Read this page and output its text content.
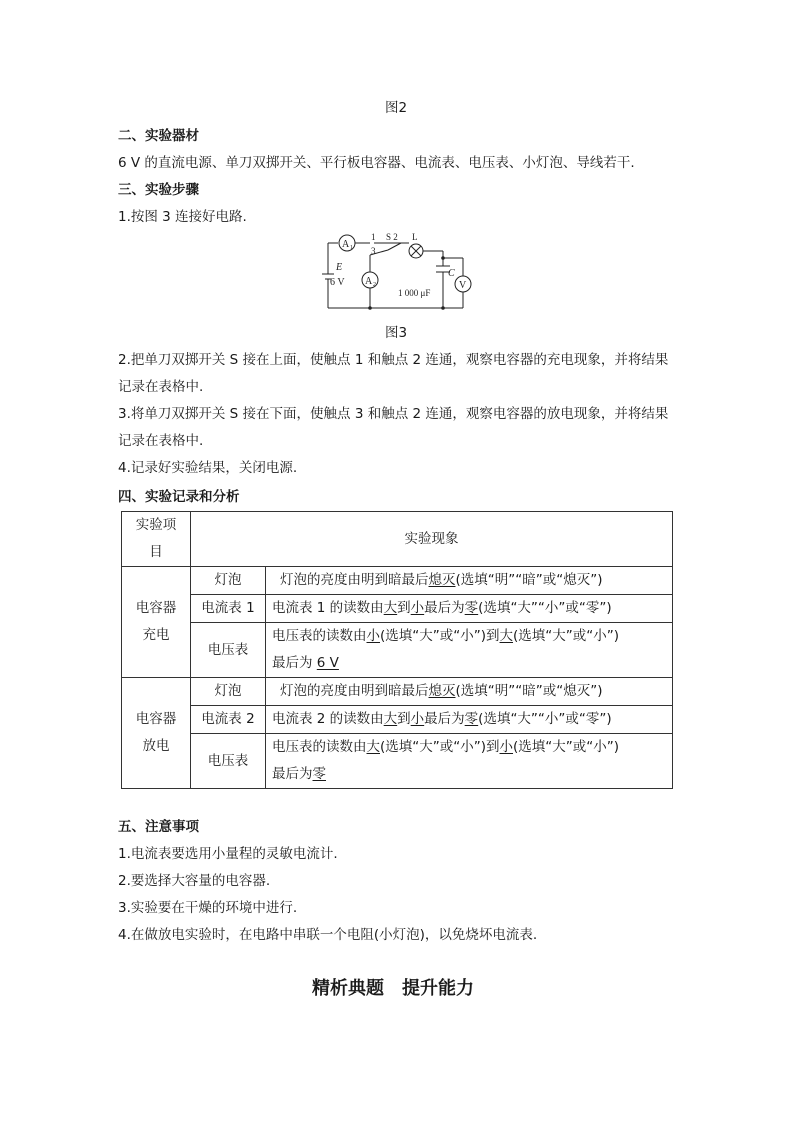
图2
二、实验器材
6 V 的直流电源、单刀双掷开关、平行板电容器、电流表、电压表、小灯泡、导线若干.
三、实验步骤
1.按图 3 连接好电路.
A 1
A 2	V
1
3
S 2 L
C
1 000 μF
E
6 V
图3
2.把单刀双掷开关 S 接在上面，使触点 1 和触点 2 连通，观察电容器的充电现象，并将结果
记录在表格中.
3.将单刀双掷开关 S 接在下面，使触点 3 和触点 2 连通，观察电容器的放电现象，并将结果
记录在表格中.
4.记录好实验结果，关闭电源.
四、实验记录和分析
实验项
目	实验现象	

电容器
充电	灯泡	灯泡的亮度由明到暗最后熄灭(选填“明”“暗”或“熄灭”)
	电流表 1	电流表 1 的读数由大到小最后为零(选填“大”“小”或“零”)
	电压表	电压表的读数由小(选填“大”或“小”)到大(选填“大”或“小”)
最后为 6 V

电容器
放电	灯泡	灯泡的亮度由明到暗最后熄灭(选填“明”“暗”或“熄灭”)
	电流表 2	电流表 2 的读数由大到小最后为零(选填“大”“小”或“零”)
	电压表	电压表的读数由大(选填“大”或“小”)到小(选填“大”或“小”)
最后为零
五、注意事项
1.电流表要选用小量程的灵敏电流计.
2.要选择大容量的电容器.
3.实验要在干燥的环境中进行.
4.在做放电实验时，在电路中串联一个电阻(小灯泡)，以免烧坏电流表.
精析典题　提升能力
